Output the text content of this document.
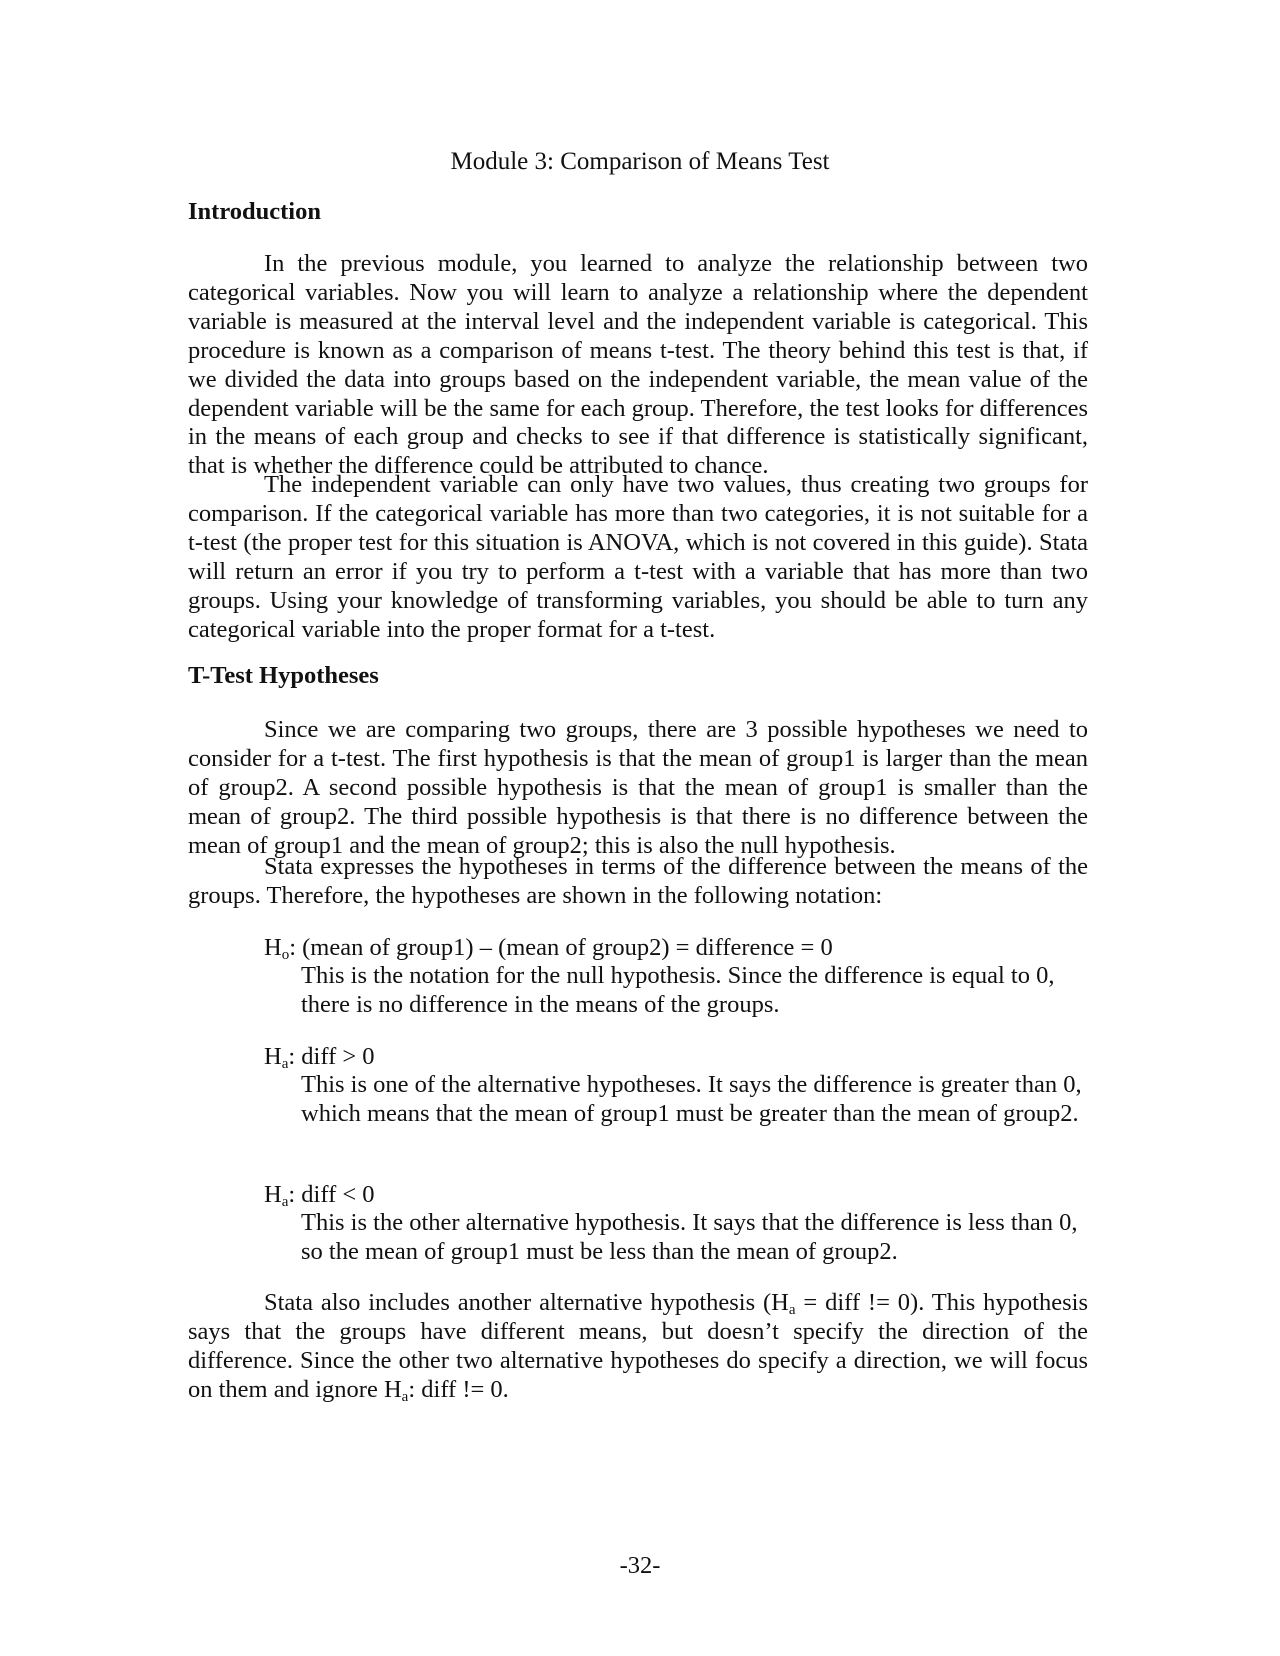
Module 3: Comparison of Means Test
Introduction

In the previous module, you learned to analyze the relationship between two categorical variables. Now you will learn to analyze a relationship where the dependent variable is measured at the interval level and the independent variable is categorical. This procedure is known as a comparison of means t-test. The theory behind this test is that, if we divided the data into groups based on the independent variable, the mean value of the dependent variable will be the same for each group. Therefore, the test looks for differences in the means of each group and checks to see if that difference is statistically significant, that is whether the difference could be attributed to chance.

The independent variable can only have two values, thus creating two groups for comparison. If the categorical variable has more than two categories, it is not suitable for a t-test (the proper test for this situation is ANOVA, which is not covered in this guide). Stata will return an error if you try to perform a t-test with a variable that has more than two groups. Using your knowledge of transforming variables, you should be able to turn any categorical variable into the proper format for a t-test.

T-Test Hypotheses

Since we are comparing two groups, there are 3 possible hypotheses we need to consider for a t-test. The first hypothesis is that the mean of group1 is larger than the mean of group2. A second possible hypothesis is that the mean of group1 is smaller than the mean of group2. The third possible hypothesis is that there is no difference between the mean of group1 and the mean of group2; this is also the null hypothesis.

Stata expresses the hypotheses in terms of the difference between the means of the groups. Therefore, the hypotheses are shown in the following notation:

$H_o$: (mean of group1) – (mean of group2) = difference = 0

This is the notation for the null hypothesis. Since the difference is equal to 0, there is no difference in the means of the groups.

$H_a$: diff > 0

This is one of the alternative hypotheses. It says the difference is greater than 0, which means that the mean of group1 must be greater than the mean of group2.

$H_a$: diff < 0

This is the other alternative hypothesis. It says that the difference is less than 0, so the mean of group1 must be less than the mean of group2.

Stata also includes another alternative hypothesis ($H_a$ = diff != 0). This hypothesis says that the groups have different means, but doesn’t specify the direction of the difference. Since the other two alternative hypotheses do specify a direction, we will focus on them and ignore $H_a$: diff != 0.

-32-
